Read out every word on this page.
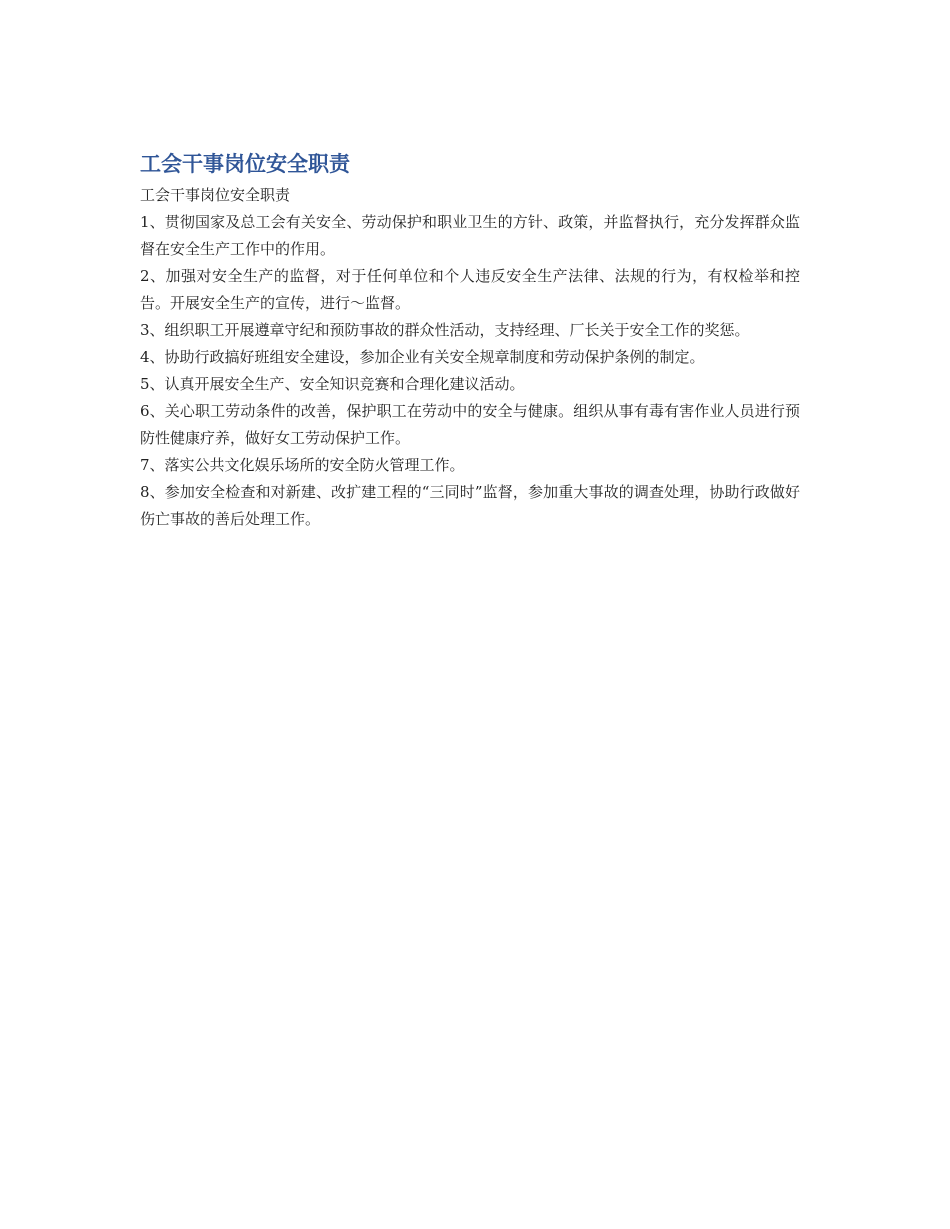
工会干事岗位安全职责

工会干事岗位安全职责

1、贯彻国家及总工会有关安全、劳动保护和职业卫生的方针、政策，并监督执行，充分发挥群众监督在安全生产工作中的作用。

2、加强对安全生产的监督，对于任何单位和个人违反安全生产法律、法规的行为，有权检举和控告。开展安全生产的宣传，进行～监督。

3、组织职工开展遵章守纪和预防事故的群众性活动，支持经理、厂长关于安全工作的奖惩。

4、协助行政搞好班组安全建设，参加企业有关安全规章制度和劳动保护条例的制定。

5、认真开展安全生产、安全知识竞赛和合理化建议活动。

6、关心职工劳动条件的改善，保护职工在劳动中的安全与健康。组织从事有毒有害作业人员进行预防性健康疗养，做好女工劳动保护工作。

7、落实公共文化娱乐场所的安全防火管理工作。

8、参加安全检查和对新建、改扩建工程的“三同时”监督，参加重大事故的调查处理，协助行政做好伤亡事故的善后处理工作。
